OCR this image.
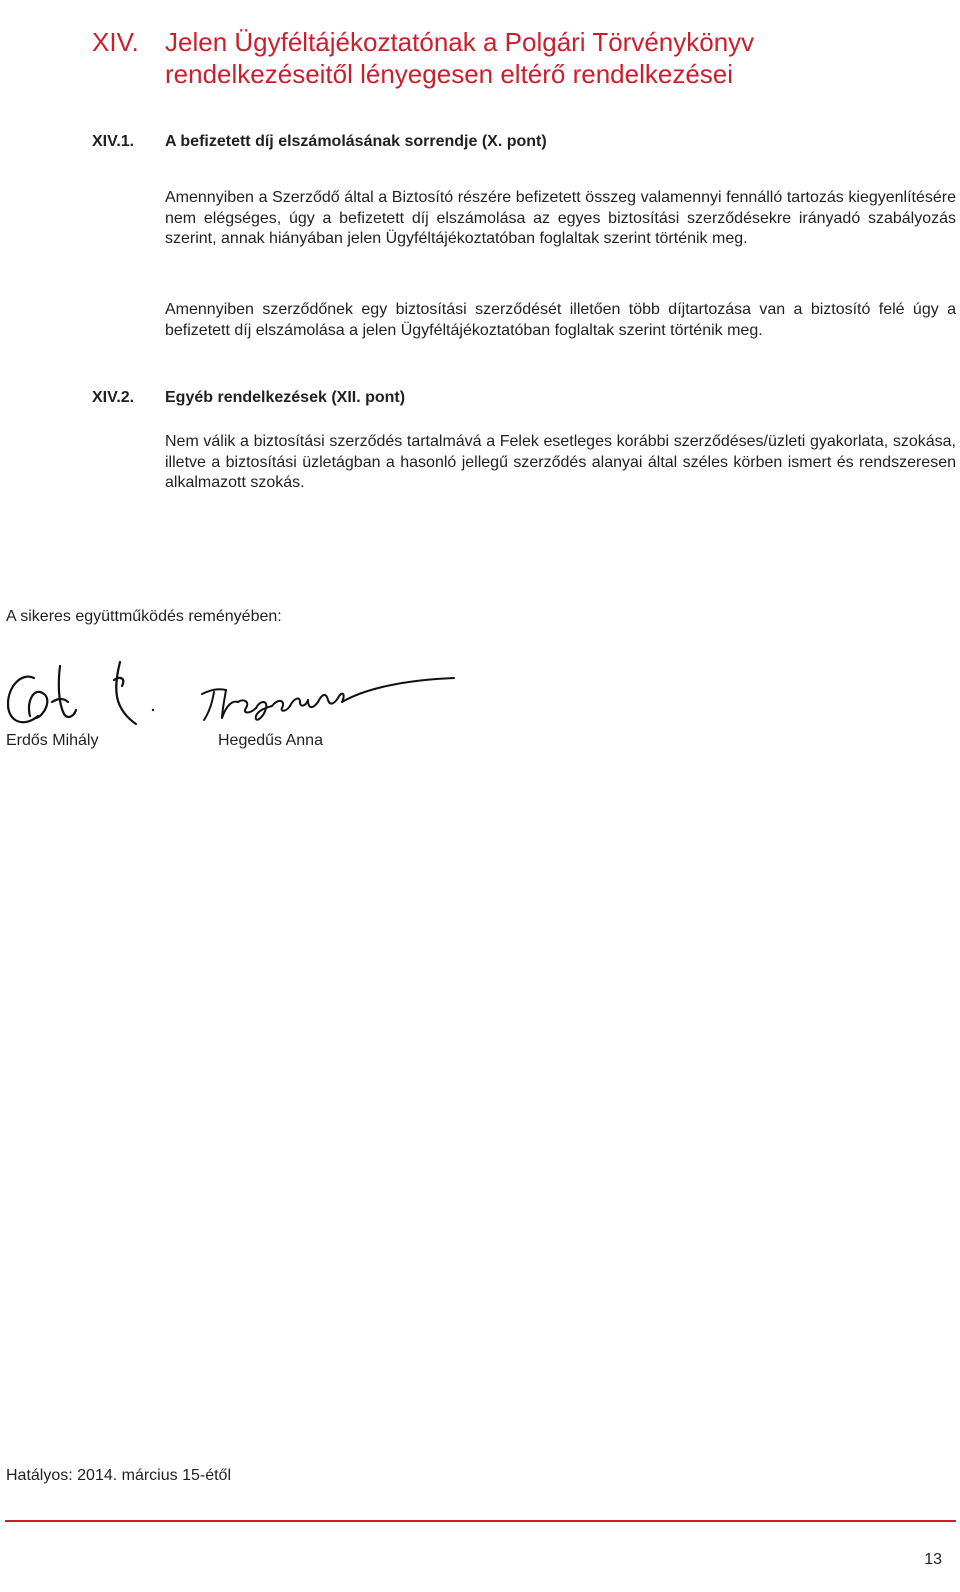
XIV. Jelen Ügyféltájékoztatónak a Polgári Törvénykönyv
rendelkezéseitől lényegesen eltérő rendelkezései
XIV.1. A befizetett díj elszámolásának sorrendje (X. pont)

Amennyiben a Szerződő által a Biztosító részére befizetett összeg valamennyi fennálló tartozás kiegyenlítésére nem elégséges, úgy a befizetett díj elszámolása az egyes biztosítási szerződésekre irányadó szabályozás szerint, annak hiányában jelen Ügyféltájékoztatóban foglaltak szerint történik meg.

Amennyiben szerződőnek egy biztosítási szerződését illetően több díjtartozása van a biztosító felé úgy a befizetett díj elszámolása a jelen Ügyféltájékoztatóban foglaltak szerint történik meg.

XIV.2. Egyéb rendelkezések (XII. pont)

Nem válik a biztosítási szerződés tartalmává a Felek esetleges korábbi szerződéses/üzleti gyakorlata, szokása, illetve a biztosítási üzletágban a hasonló jellegű szerződés alanyai által széles körben ismert és rendszeresen alkalmazott szokás.

A sikeres együttműködés reményében:
Erdős Mihály	Hegedűs Anna
Hatályos: 2014. március 15-étől
13
